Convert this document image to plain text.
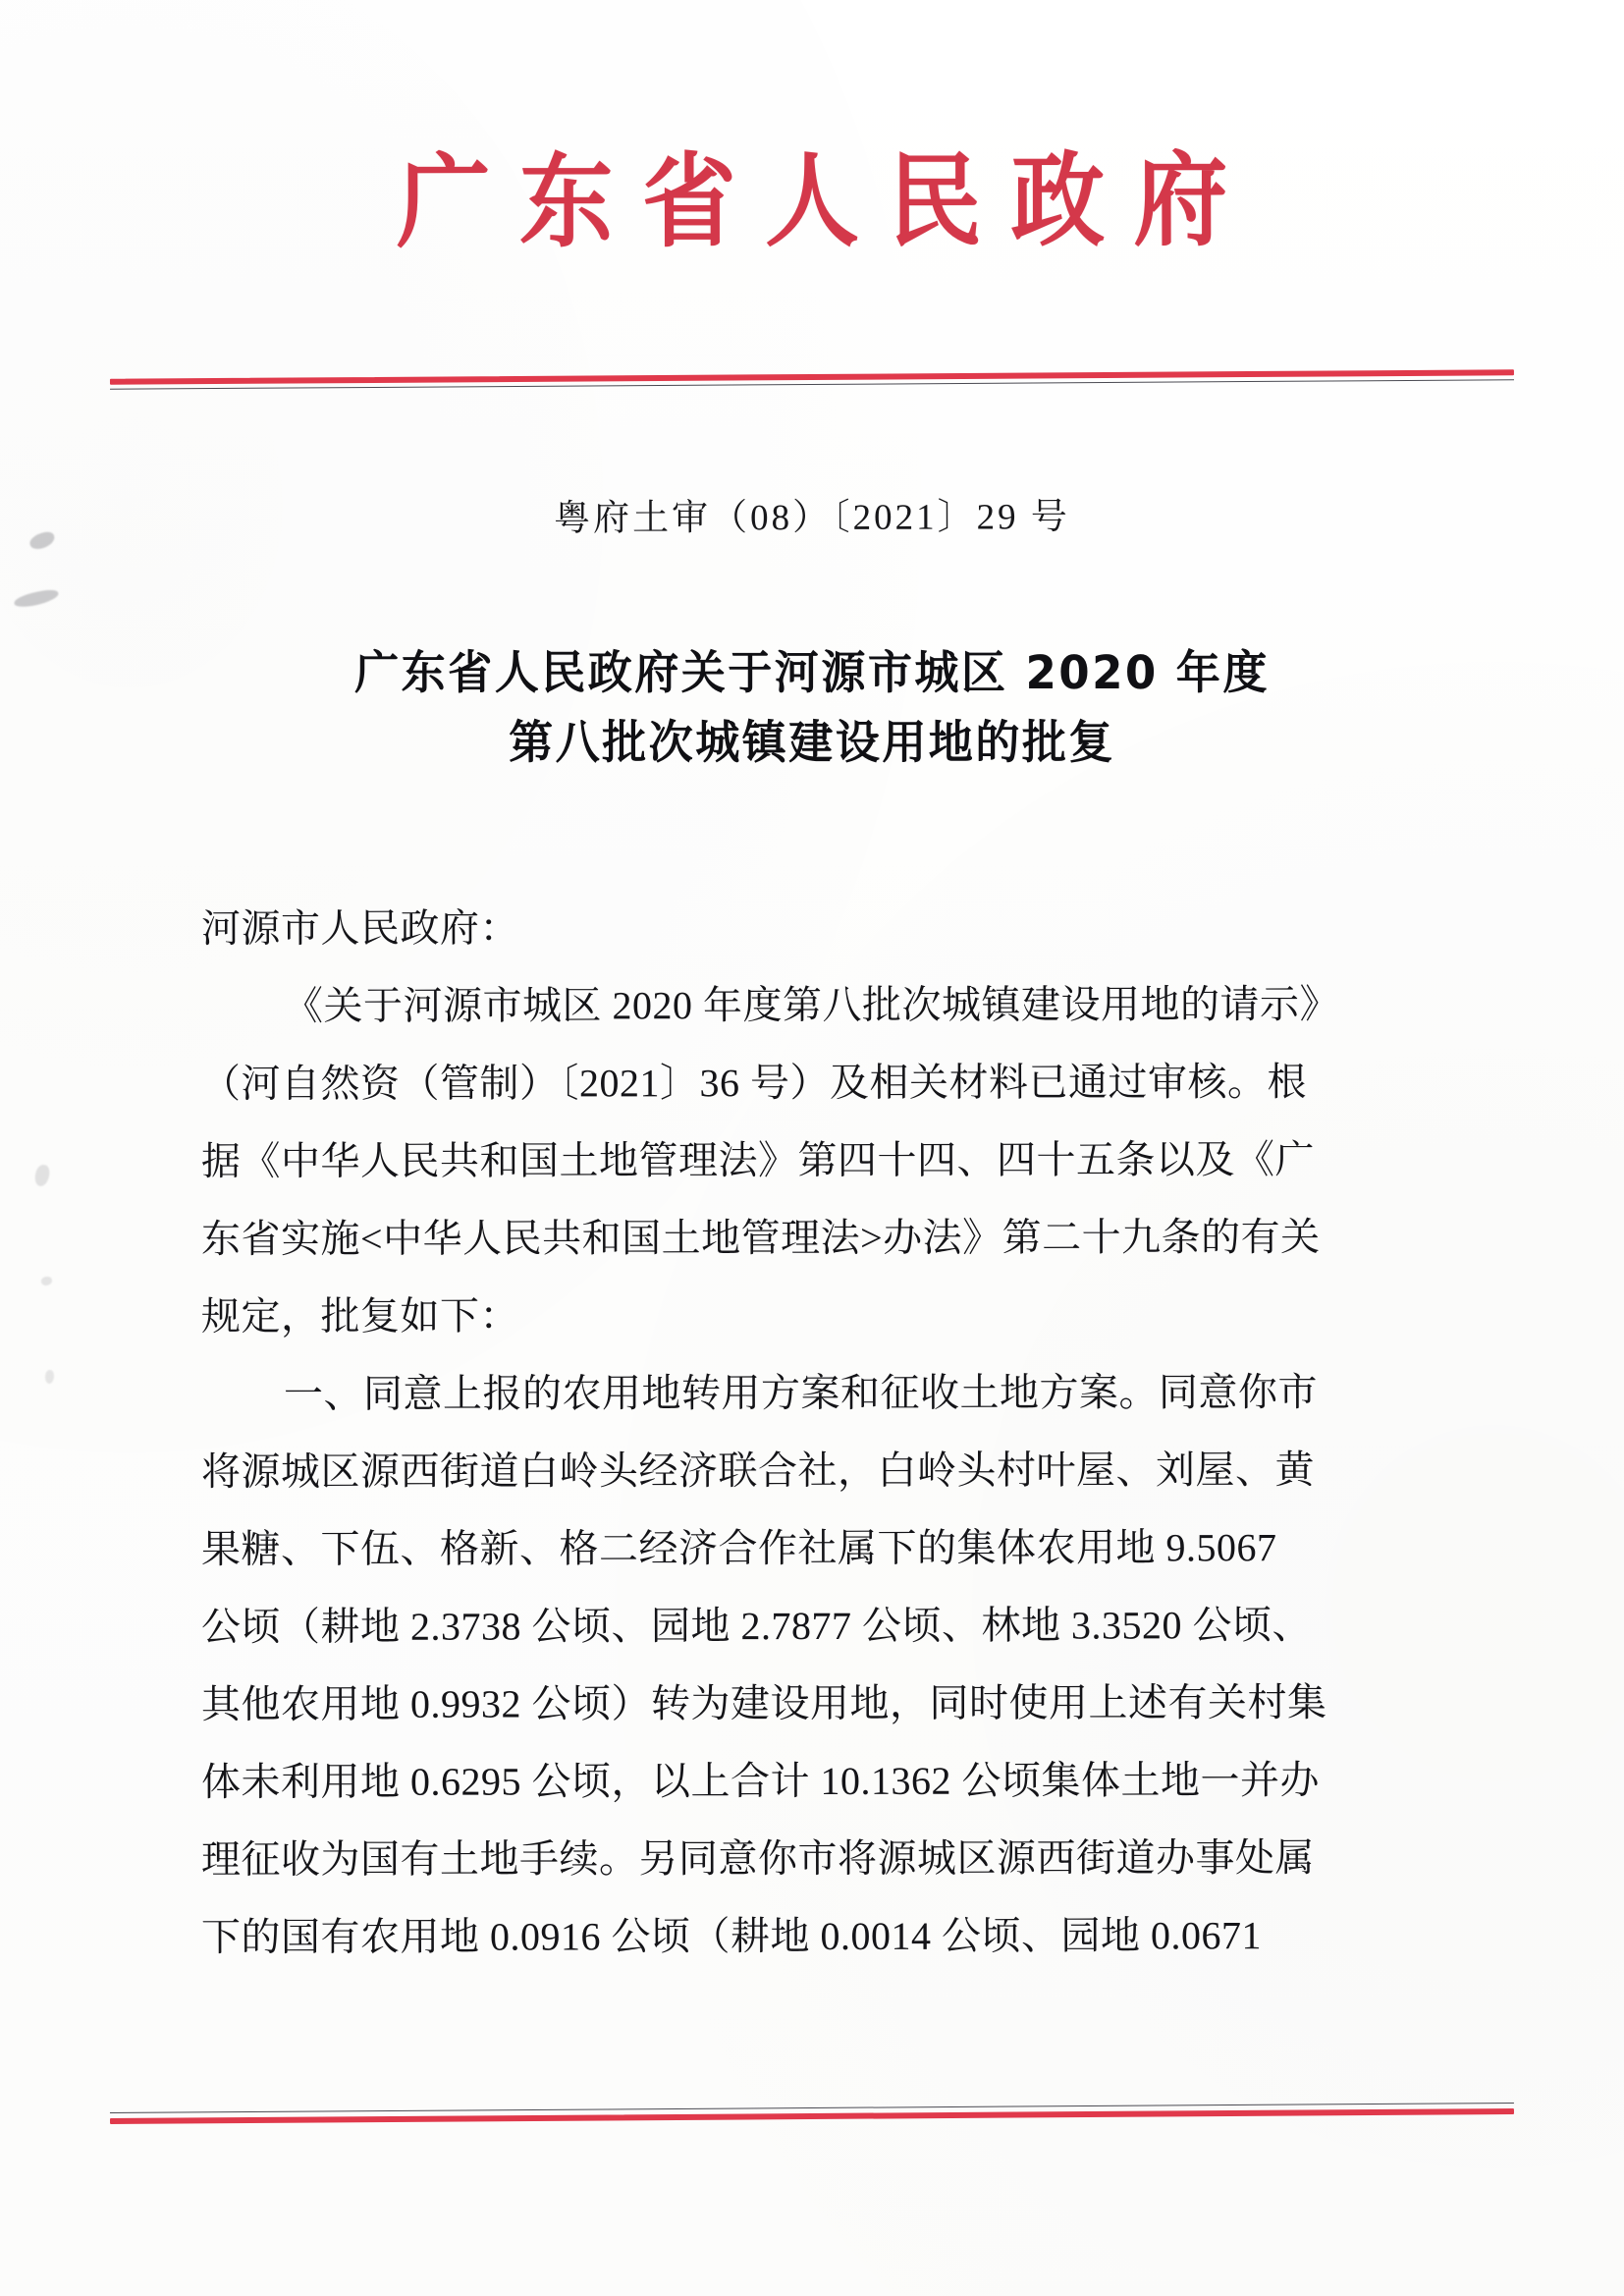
广东省人民政府
粤府土审（08）〔2021〕29 号
广东省人民政府关于河源市城区 2020 年度
第八批次城镇建设用地的批复
河源市人民政府：
《关于河源市城区 2020 年度第八批次城镇建设用地的请示》
（河自然资（管制）〔2021〕36 号）及相关材料已通过审核。根
据《中华人民共和国土地管理法》第四十四、四十五条以及《广
东省实施<中华人民共和国土地管理法>办法》第二十九条的有关
规定，批复如下：
一、同意上报的农用地转用方案和征收土地方案。同意你市
将源城区源西街道白岭头经济联合社，白岭头村叶屋、刘屋、黄
果糖、下伍、格新、格二经济合作社属下的集体农用地 9.5067
公顷（耕地 2.3738 公顷、园地 2.7877 公顷、林地 3.3520 公顷、
其他农用地 0.9932 公顷）转为建设用地，同时使用上述有关村集
体未利用地 0.6295 公顷，以上合计 10.1362 公顷集体土地一并办
理征收为国有土地手续。另同意你市将源城区源西街道办事处属
下的国有农用地 0.0916 公顷（耕地 0.0014 公顷、园地 0.0671
